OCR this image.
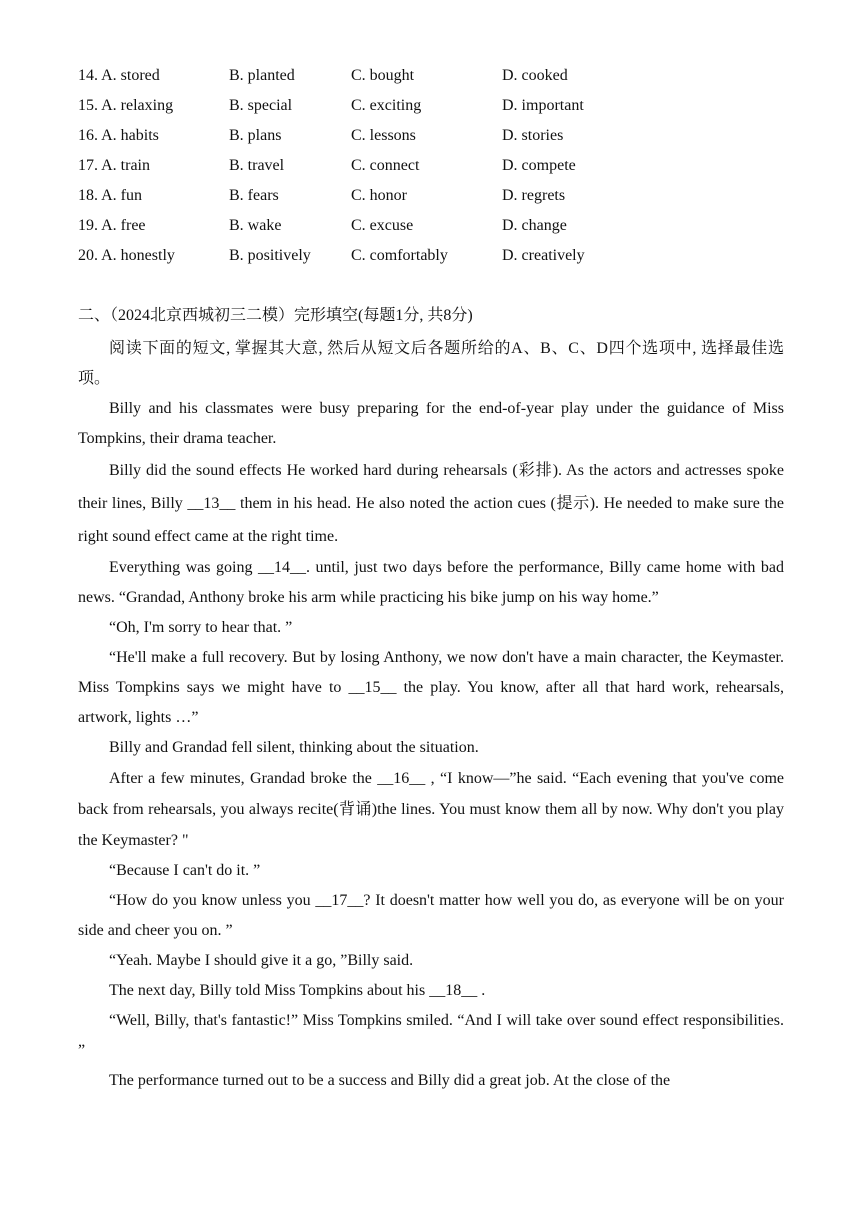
14. A. stored	B. planted	C. bought	D. cooked
15. A. relaxing	B. special	C. exciting	D. important
16. A. habits	B. plans	C. lessons	D. stories
17. A. train	B. travel	C. connect	D. compete
18. A. fun	B. fears	C. honor	D. regrets
19. A. free	B. wake	C. excuse	D. change
20. A. honestly	B. positively	C. comfortably	D. creatively
二、（2024北京西城初三二模）完形填空(每题1分, 共8分)

阅读下面的短文, 掌握其大意, 然后从短文后各题所给的A、B、C、D四个选项中, 选择最佳选项。

Billy and his classmates were busy preparing for the end-of-year play under the guidance of Miss Tompkins, their drama teacher.

Billy did the sound effects He worked hard during rehearsals (彩排). As the actors and actresses spoke their lines, Billy __13__ them in his head. He also noted the action cues (提示). He needed to make sure the right sound effect came at the right time.

Everything was going __14__. until, just two days before the performance, Billy came home with bad news. “Grandad, Anthony broke his arm while practicing his bike jump on his way home.”

“Oh, I'm sorry to hear that. ”

“He'll make a full recovery. But by losing Anthony, we now don't have a main character, the Keymaster. Miss Tompkins says we might have to __15__ the play. You know, after all that hard work, rehearsals, artwork, lights …”

Billy and Grandad fell silent, thinking about the situation.

After a few minutes, Grandad broke the __16__ , “I know—”he said. “Each evening that you've come back from rehearsals, you always recite(背诵)the lines. You must know them all by now. Why don't you play the Keymaster? "

“Because I can't do it. ”

“How do you know unless you __17__? It doesn't matter how well you do, as everyone will be on your side and cheer you on. ”

“Yeah. Maybe I should give it a go, ”Billy said.

The next day, Billy told Miss Tompkins about his __18__ .

“Well, Billy, that's fantastic!” Miss Tompkins smiled. “And I will take over sound effect responsibilities. ”

The performance turned out to be a success and Billy did a great job. At the close of the
